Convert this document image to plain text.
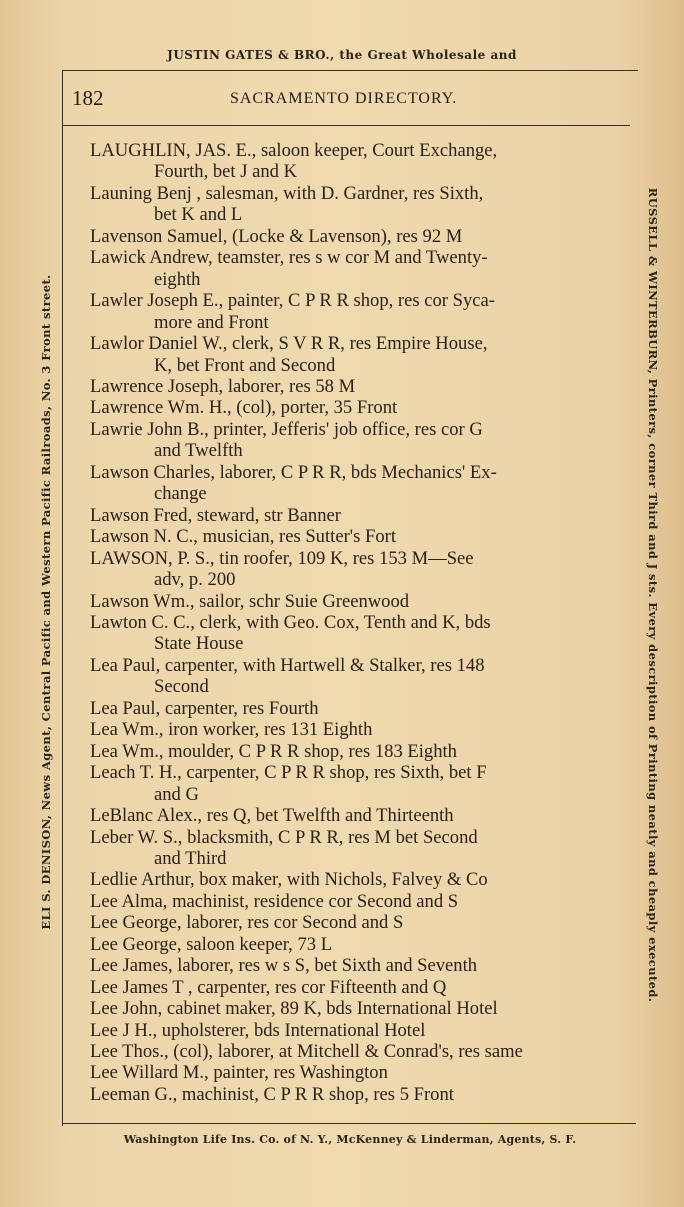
JUSTIN GATES & BRO., the Great Wholesale and
ELI S. DENISON, News Agent, Central Pacific and Western Pacific Railroads, No. 3 Front street.	RUSSELL & WINTERBURN, Printers, corner Third and J sts. Every description of Printing neatly and cheaply executed.
182	SACRAMENTO DIRECTORY.
LAUGHLIN, JAS. E., saloon keeper, Court Exchange,
Fourth, bet J and K
Launing Benj , salesman, with D. Gardner, res Sixth,
bet K and L
Lavenson Samuel, (Locke & Lavenson), res 92 M
Lawick Andrew, teamster, res s w cor M and Twenty-
eighth
Lawler Joseph E., painter, C P R R shop, res cor Syca-
more and Front
Lawlor Daniel W., clerk, S V R R, res Empire House,
K, bet Front and Second
Lawrence Joseph, laborer, res 58 M
Lawrence Wm. H., (col), porter, 35 Front
Lawrie John B., printer, Jefferis' job office, res cor G
and Twelfth
Lawson Charles, laborer, C P R R, bds Mechanics' Ex-
change
Lawson Fred, steward, str Banner
Lawson N. C., musician, res Sutter's Fort
LAWSON, P. S., tin roofer, 109 K, res 153 M—See
adv, p. 200
Lawson Wm., sailor, schr Suie Greenwood
Lawton C. C., clerk, with Geo. Cox, Tenth and K, bds
State House
Lea Paul, carpenter, with Hartwell & Stalker, res 148
Second
Lea Paul, carpenter, res Fourth
Lea Wm., iron worker, res 131 Eighth
Lea Wm., moulder, C P R R shop, res 183 Eighth
Leach T. H., carpenter, C P R R shop, res Sixth, bet F
and G
LeBlanc Alex., res Q, bet Twelfth and Thirteenth
Leber W. S., blacksmith, C P R R, res M bet Second
and Third
Ledlie Arthur, box maker, with Nichols, Falvey & Co
Lee Alma, machinist, residence cor Second and S
Lee George, laborer, res cor Second and S
Lee George, saloon keeper, 73 L
Lee James, laborer, res w s S, bet Sixth and Seventh
Lee James T , carpenter, res cor Fifteenth and Q
Lee John, cabinet maker, 89 K, bds International Hotel
Lee J H., upholsterer, bds International Hotel
Lee Thos., (col), laborer, at Mitchell & Conrad's, res same
Lee Willard M., painter, res Washington
Leeman G., machinist, C P R R shop, res 5 Front
Washington Life Ins. Co. of N. Y., McKenney & Linderman, Agents, S. F.
